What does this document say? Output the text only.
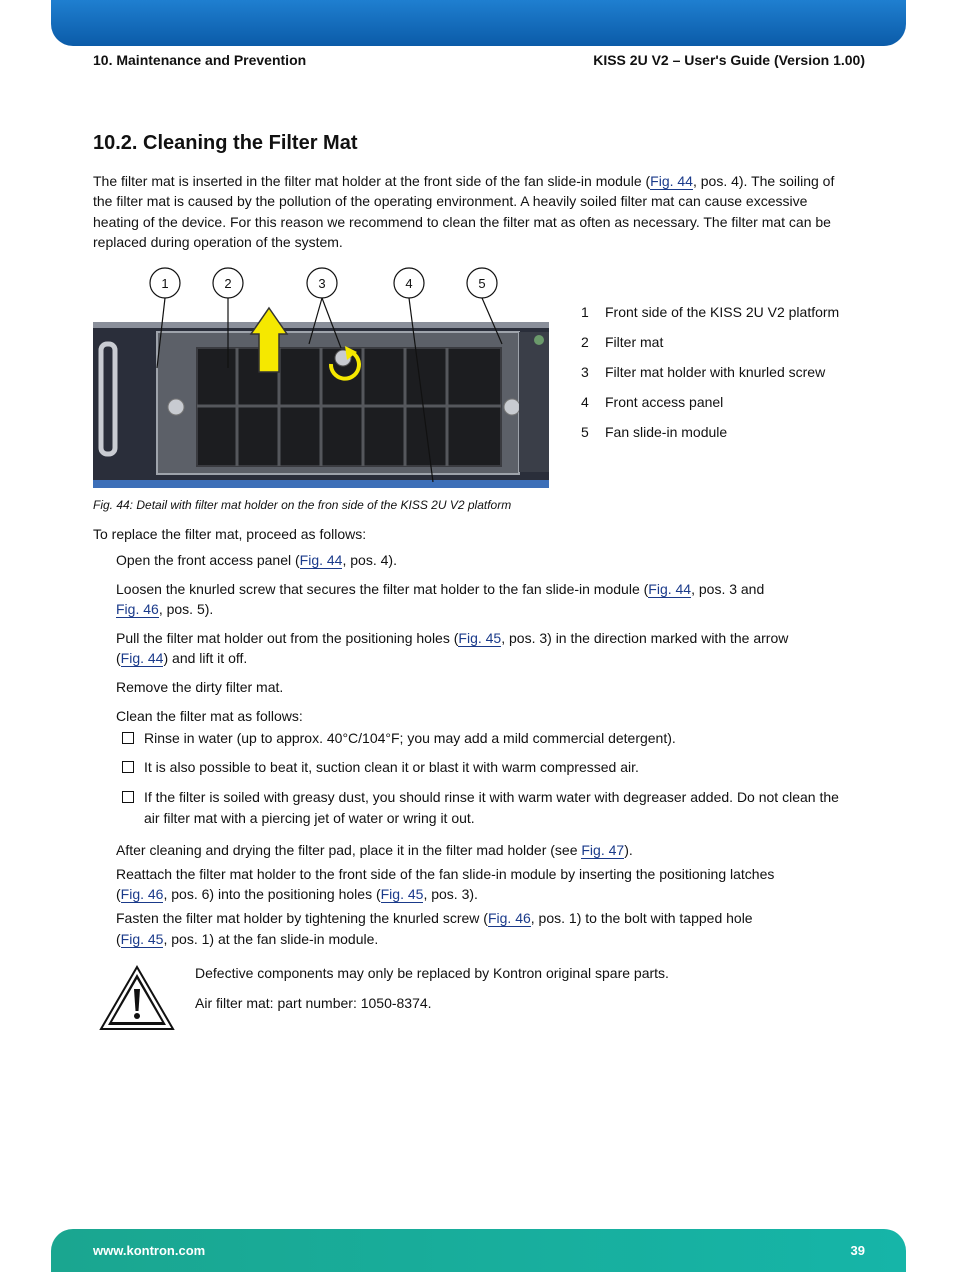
10. Maintenance and Prevention	KISS 2U V2 – User's Guide (Version 1.00)
10.2. Cleaning the Filter Mat

The filter mat is inserted in the filter mat holder at the front side of the fan slide-in module (Fig. 44, pos. 4). The soiling of

the filter mat is caused by the pollution of the operating environment. A heavily soiled filter mat can cause excessive

heating of the device. For this reason we recommend to clean the filter mat as often as necessary. The filter mat can be

replaced during operation of the system.

1	2	3	4	5
1	Front side of the KISS 2U V2 platform
2	Filter mat
3	Filter mat holder with knurled screw
4	Front access panel
5	Fan slide-in module
Fig. 44: Detail with filter mat holder on the fron side of the KISS 2U V2 platform

To replace the filter mat, proceed as follows:

Open the front access panel (Fig. 44, pos. 4).

Loosen the knurled screw that secures the filter mat holder to the fan slide-in module (Fig. 44, pos. 3 and

Fig. 46, pos. 5).

Pull the filter mat holder out from the positioning holes (Fig. 45, pos. 3) in the direction marked with the arrow

(Fig. 44) and lift it off.

Remove the dirty filter mat.

Clean the filter mat as follows:

Rinse in water (up to approx. 40°C/104°F; you may add a mild commercial detergent).

It is also possible to beat it, suction clean it or blast it with warm compressed air.

If the filter is soiled with greasy dust, you should rinse it with warm water with degreaser added. Do not clean the

air filter mat with a piercing jet of water or wring it out.

After cleaning and drying the filter pad, place it in the filter mad holder (see Fig. 47).

Reattach the filter mat holder to the front side of the fan slide-in module by inserting the positioning latches

(Fig. 46, pos. 6) into the positioning holes (Fig. 45, pos. 3).

Fasten the filter mat holder by tightening the knurled screw (Fig. 46, pos. 1) to the bolt with tapped hole

(Fig. 45, pos. 1) at the fan slide-in module.

Defective components may only be replaced by Kontron original spare parts.

Air filter mat: part number: 1050-8374.

www.kontron.com	39
